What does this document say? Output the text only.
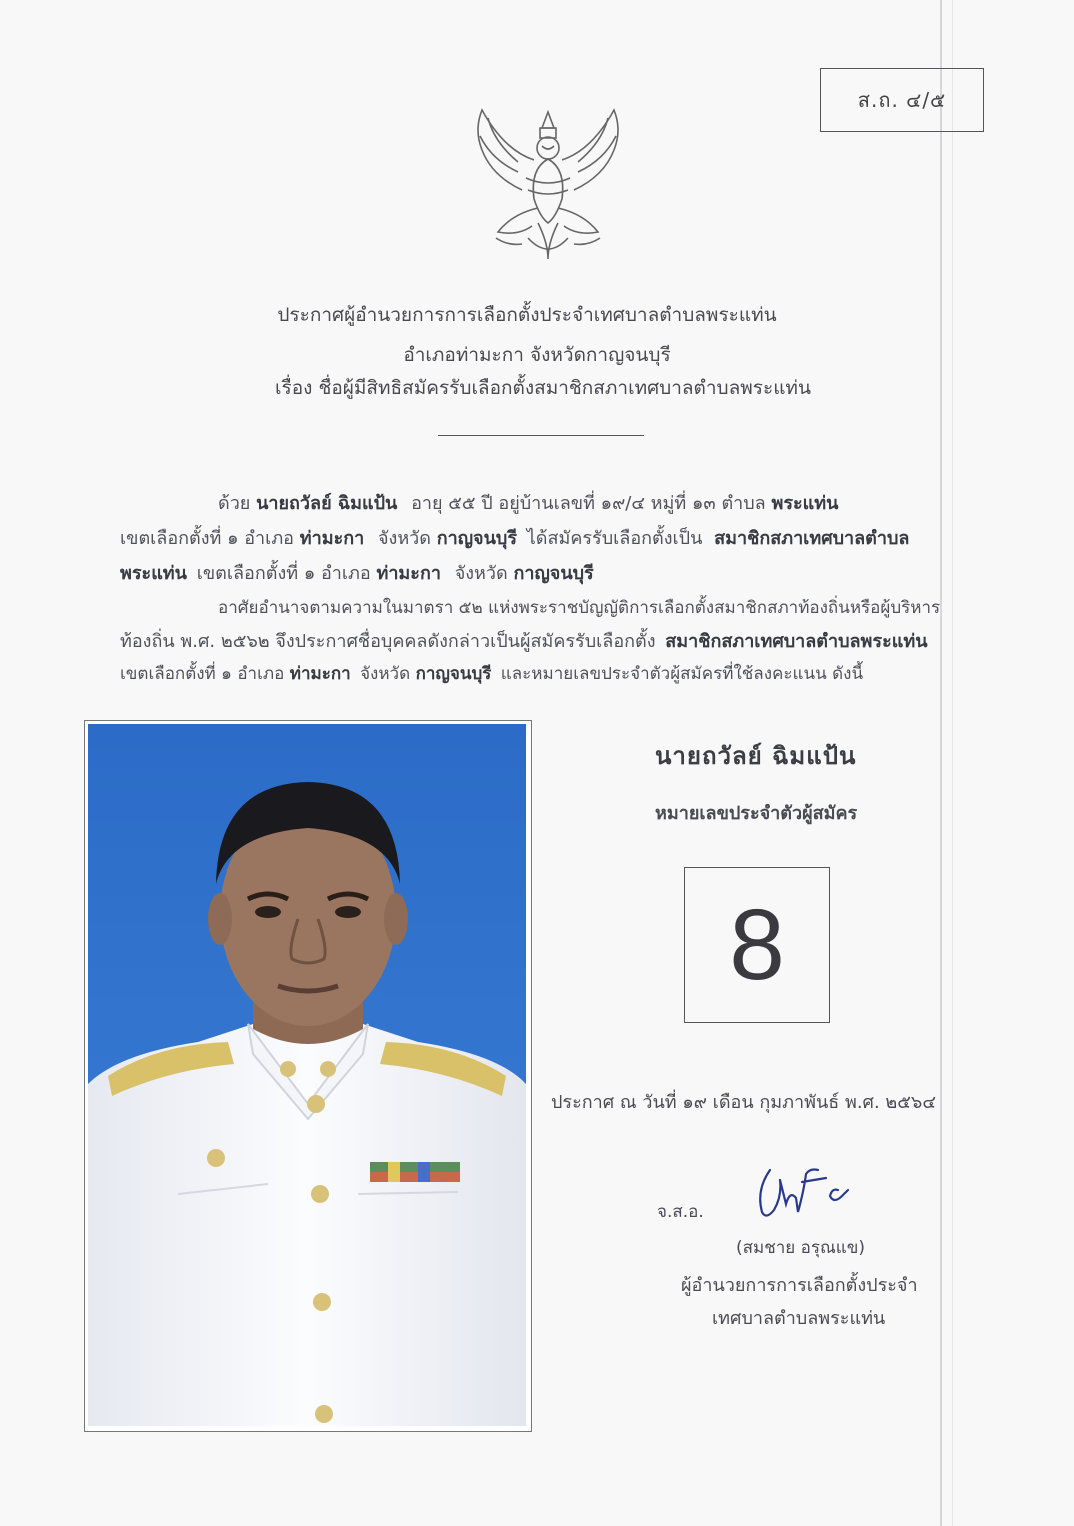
ส.ถ. ๔/๕
ประกาศผู้อำนวยการการเลือกตั้งประจำเทศบาลตำบลพระแท่น
อำเภอท่ามะกา จังหวัดกาญจนบุรี
เรื่อง ชื่อผู้มีสิทธิสมัครรับเลือกตั้งสมาชิกสภาเทศบาลตำบลพระแท่น
ด้วย นายถวัลย์ ฉิมแป้น อายุ ๕๕ ปี อยู่บ้านเลขที่ ๑๙/๔ หมู่ที่ ๑๓ ตำบล พระแท่น
เขตเลือกตั้งที่ ๑ อำเภอ ท่ามะกา จังหวัด กาญจนบุรี ได้สมัครรับเลือกตั้งเป็น สมาชิกสภาเทศบาลตำบล
พระแท่น เขตเลือกตั้งที่ ๑ อำเภอ ท่ามะกา จังหวัด กาญจนบุรี
อาศัยอำนาจตามความในมาตรา ๕๒ แห่งพระราชบัญญัติการเลือกตั้งสมาชิกสภาท้องถิ่นหรือผู้บริหาร
ท้องถิ่น พ.ศ. ๒๕๖๒ จึงประกาศชื่อบุคคลดังกล่าวเป็นผู้สมัครรับเลือกตั้ง สมาชิกสภาเทศบาลตำบลพระแท่น
เขตเลือกตั้งที่ ๑ อำเภอ ท่ามะกา จังหวัด กาญจนบุรี และหมายเลขประจำตัวผู้สมัครที่ใช้ลงคะแนน ดังนี้
นายถวัลย์ ฉิมแป้น
หมายเลขประจำตัวผู้สมัคร
8
ประกาศ ณ วันที่ ๑๙ เดือน กุมภาพันธ์ พ.ศ. ๒๕๖๔
จ.ส.อ.
(สมชาย อรุณแข)
ผู้อำนวยการการเลือกตั้งประจำ
เทศบาลตำบลพระแท่น
